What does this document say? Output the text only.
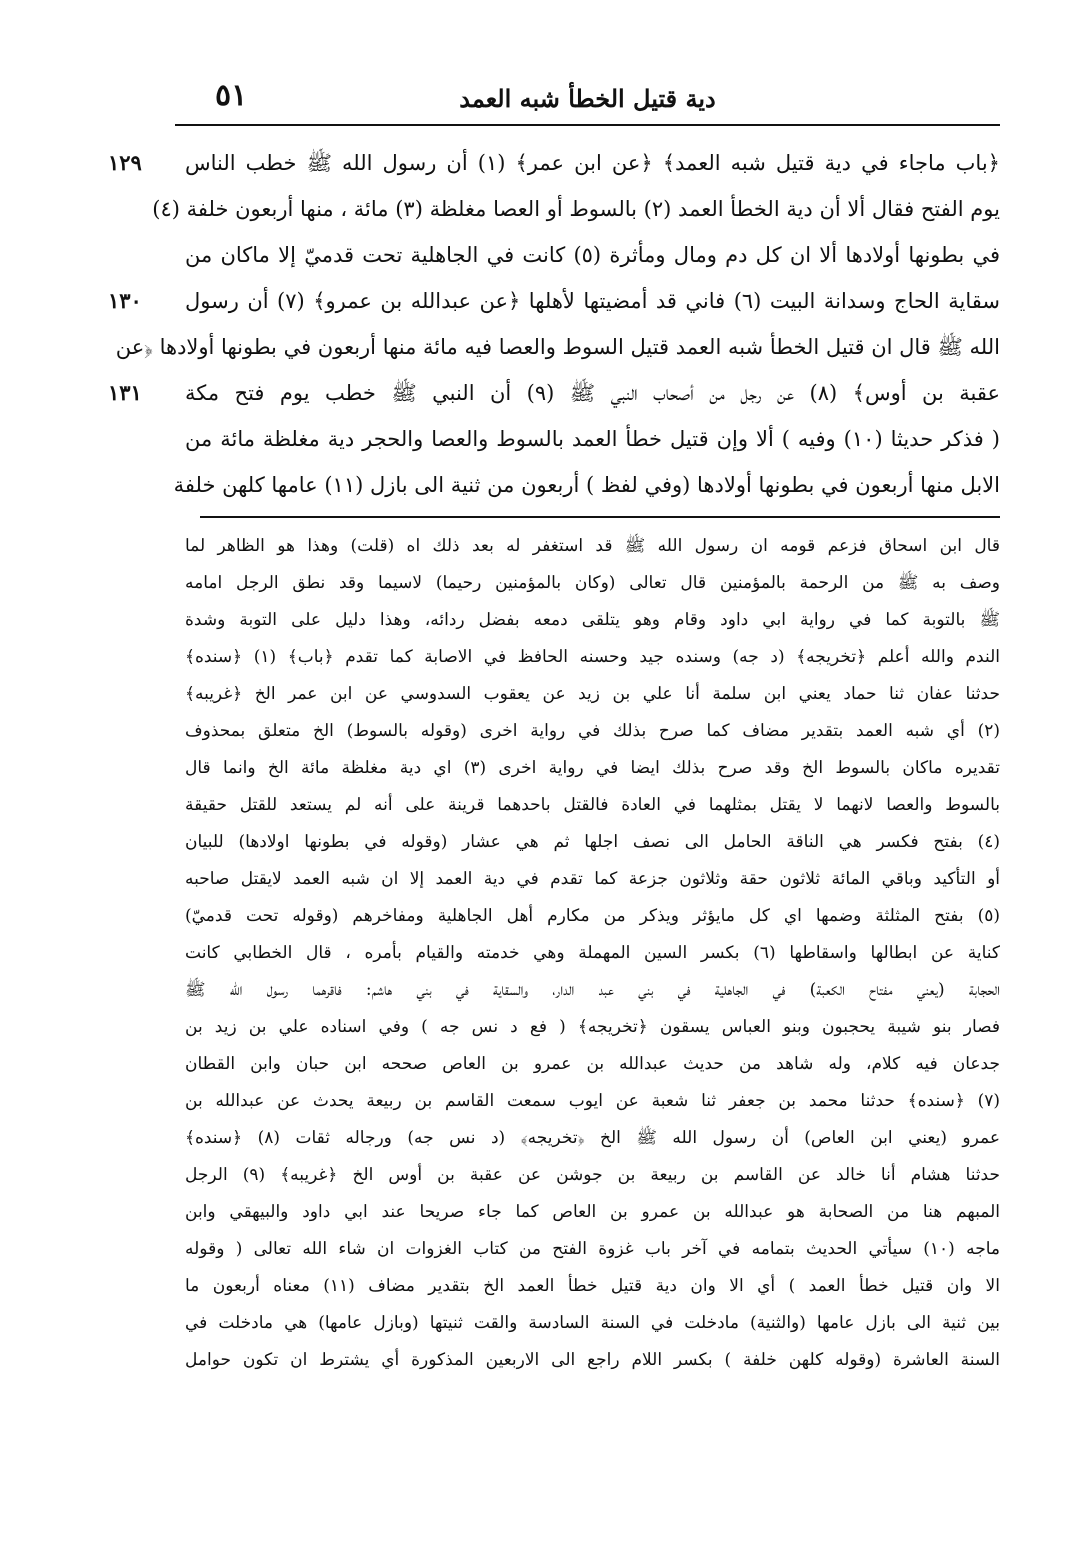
٥١	دية قتيل الخطأ شبه العمد
١٢٩
١٣٠
١٣١
﴿باب ماجاء في دية قتيل شبه العمد﴾ ﴿عن ابن عمر﴾ (١) أن رسول الله ﷺ خطب الناس
يوم الفتح فقال ألا أن دية الخطأ العمد (٢) بالسوط أو العصا مغلظة (٣) مائة ، منها أربعون خلفة (٤)
في بطونها أولادها ألا ان كل دم ومال ومأثرة (٥) كانت في الجاهلية تحت قدميّ إلا ماكان من
سقاية الحاج وسدانة البيت (٦) فاني قد أمضيتها لأهلها ﴿عن عبدالله بن عمرو﴾ (٧) أن رسول
الله ﷺ قال ان قتيل الخطأ شبه العمد قتيل السوط والعصا فيه مائة منها أربعون في بطونها أولادها ﴿عن
عقبة بن أوس﴾ (٨) عن رجل من أصحاب النبي ﷺ (٩) أن النبي ﷺ خطب يوم فتح مكة
( فذكر حديثا (١٠) وفيه ) ألا وإن قتيل خطأ العمد بالسوط والعصا والحجر دية مغلظة مائة من
الابل منها أربعون في بطونها أولادها (وفي لفظ ) أربعون من ثنية الى بازل (١١) عامها كلهن خلفة
قال ابن اسحاق فزعم قومه ان رسول الله ﷺ قد استغفر له بعد ذلك اه (قلت) وهذا هو الظاهر لما
وصف به ﷺ من الرحمة بالمؤمنين قال تعالى (وكان بالمؤمنين رحيما) لاسيما وقد نطق الرجل امامه
ﷺ بالتوبة كما في رواية ابي داود وقام وهو يتلقى دمعه بفضل ردائه، وهذا دليل على التوبة وشدة
الندم والله أعلم ﴿تخريجه﴾ (د جه) وسنده جيد وحسنه الحافظ في الاصابة كما تقدم ﴿باب﴾ (١) ﴿سنده﴾
حدثنا عفان ثنا حماد يعني ابن سلمة أنا علي بن زيد عن يعقوب السدوسي عن ابن عمر الخ ﴿غريبه﴾
(٢) أي شبه العمد بتقدير مضاف كما صرح بذلك في رواية اخرى (وقوله بالسوط) الخ متعلق بمحذوف
تقديره ماكان بالسوط الخ وقد صرح بذلك ايضا في رواية اخرى (٣) اي دية مغلظة مائة الخ وانما قال
بالسوط والعصا لانهما لا يقتل بمثلهما في العادة فالقتل باحدهما قرينة على أنه لم يستعد للقتل حقيقة
(٤) بفتح فكسر هي الناقة الحامل الى نصف اجلها ثم هي عشار (وقوله في بطونها اولادها) للبيان
أو التأكيد وباقي المائة ثلاثون حقة وثلاثون جزعة كما تقدم في دية العمد إلا ان شبه العمد لايقتل صاحبه
(٥) بفتح المثلثة وضمها اي كل مايؤثر ويذكر من مكارم أهل الجاهلية ومفاخرهم (وقوله تحت قدميّ)
كناية عن ابطالها واسقاطها (٦) بكسر السين المهملة وهي خدمته والقيام بأمره ، قال الخطابي كانت
الحجابة (يعني مفتاح الكعبة) في الجاهلية في بني عبد الدار، والسقاية في بني هاشم: فاقرهما رسول الله ﷺ
فصار بنو شيبة يحجبون وبنو العباس يسقون ﴿تخريجه﴾ ( فع د نس جه ) وفي اسناده علي بن زيد بن
جدعان فيه كلام، وله شاهد من حديث عبدالله بن عمرو بن العاص صححه ابن حبان وابن القطان
(٧) ﴿سنده﴾ حدثنا محمد بن جعفر ثنا شعبة عن ايوب سمعت القاسم بن ربيعة يحدث عن عبدالله بن
عمرو (يعني ابن العاص) أن رسول الله ﷺ الخ ﴿تخريجه﴾ (د نس جه) ورجاله ثقات (٨) ﴿سنده﴾
حدثنا هشام أنا خالد عن القاسم بن ربيعة بن جوشن عن عقبة بن أوس الخ ﴿غريبه﴾ (٩) الرجل
المبهم هنا من الصحابة هو عبدالله بن عمرو بن العاص كما جاء صريحا عند ابي داود والبيهقي وابن
ماجه (١٠) سيأتي الحديث بتمامه في آخر باب غزوة الفتح من كتاب الغزوات ان شاء الله تعالى ( وقوله
الا وان قتيل خطأ العمد ) أي الا وان دية قتيل خطأ العمد الخ بتقدير مضاف (١١) معناه أربعون ما
بين ثنية الى بازل عامها (والثنية) مادخلت في السنة السادسة والقت ثنيتها (وبازل عامها) هي مادخلت في
السنة العاشرة (وقوله كلهن خلفة ) بكسر اللام راجع الى الاربعين المذكورة أي يشترط ان تكون حوامل
